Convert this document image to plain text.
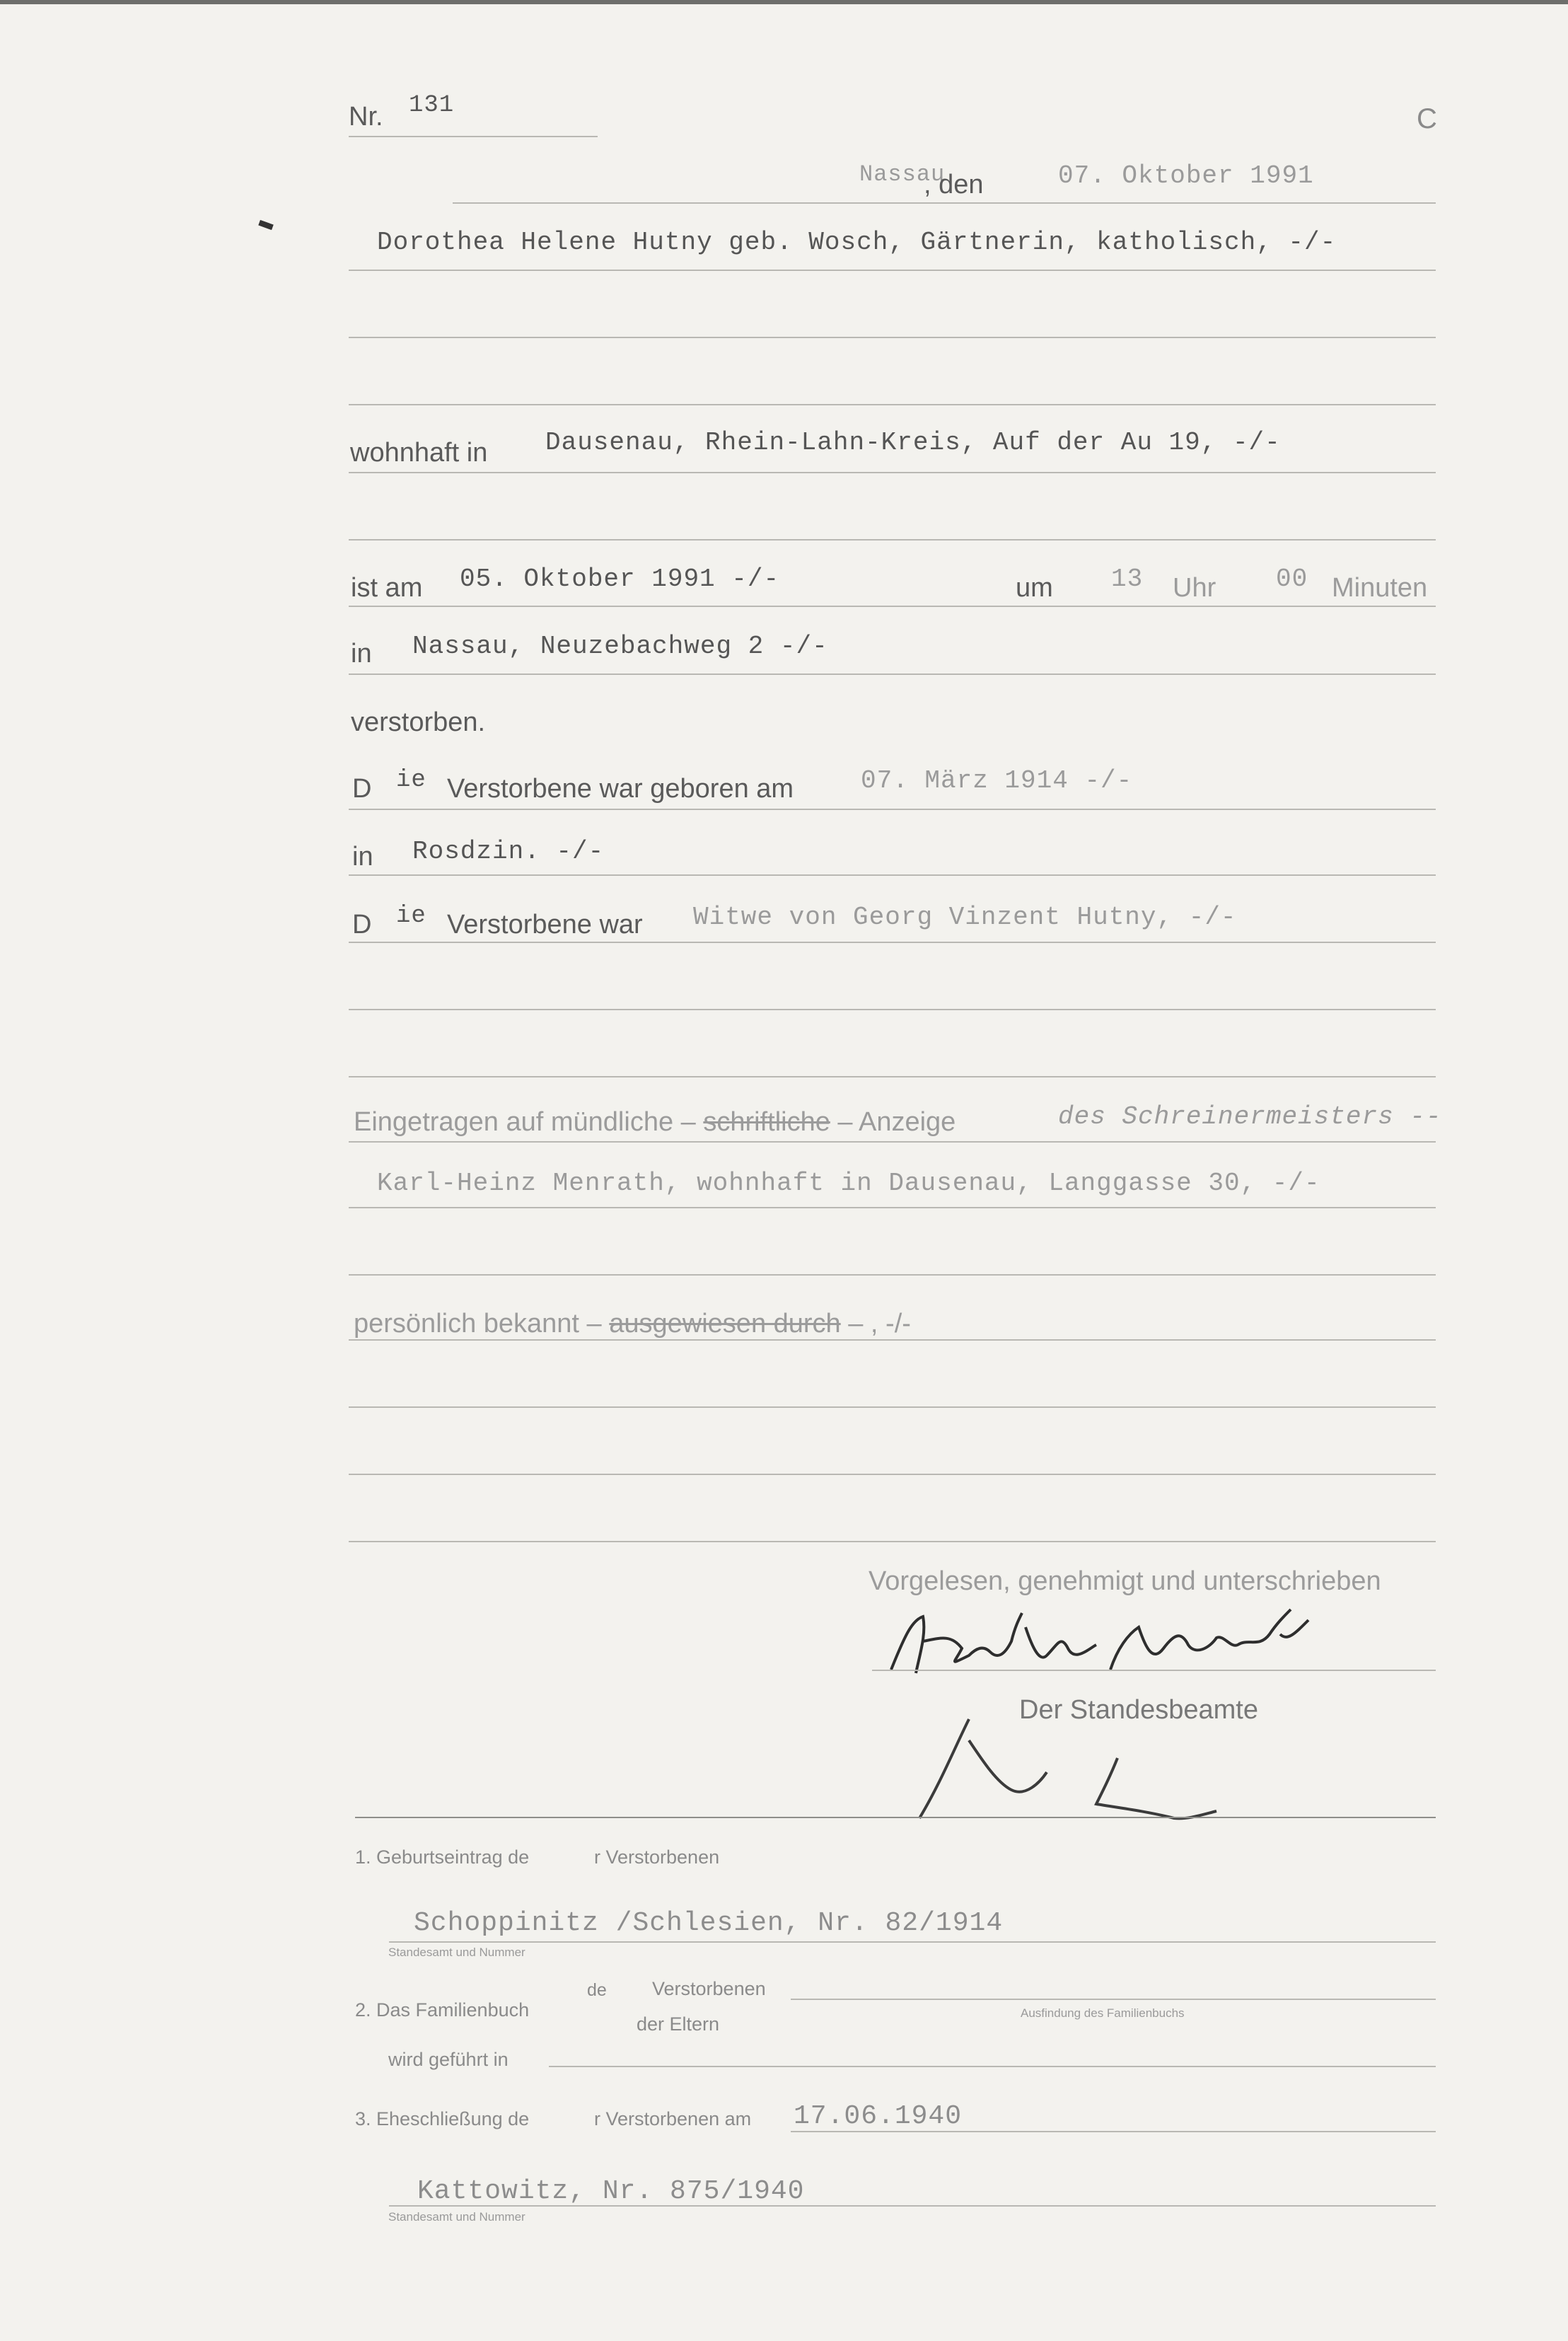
Nr. 131	C
Nassau
, den	07. Oktober 1991
Dorothea Helene Hutny geb. Wosch, Gärtnerin, katholisch, -/-
wohnhaft in Dausenau, Rhein-Lahn-Kreis, Auf der Au 19, -/-
ist am 05. Oktober 1991 -/-	um 13 Uhr 00 Minuten
in Nassau, Neuzebachweg 2 -/-
verstorben.
D ie Verstorbene war geboren am	07. März 1914 -/-
in Rosdzin. -/-
D ie Verstorbene war Witwe von Georg Vinzent Hutny, -/-
Eingetragen auf mündliche – schriftliche – Anzeige	des Schreinermeisters --
Karl-Heinz Menrath, wohnhaft in Dausenau, Langgasse 30, -/-
persönlich bekannt – ausgewiesen durch – , -/-
Vorgelesen, genehmigt und unterschrieben
Der Standesbeamte
1. Geburtseintrag de	r Verstorbenen
Schoppinitz /Schlesien, Nr. 82/1914
Standesamt und Nummer
2. Das Familienbuch
de Verstorbenen
der Eltern
Ausfindung des Familienbuchs
wird geführt in
3. Eheschließung de	r Verstorbenen am 17.06.1940
Kattowitz, Nr. 875/1940
Standesamt und Nummer
